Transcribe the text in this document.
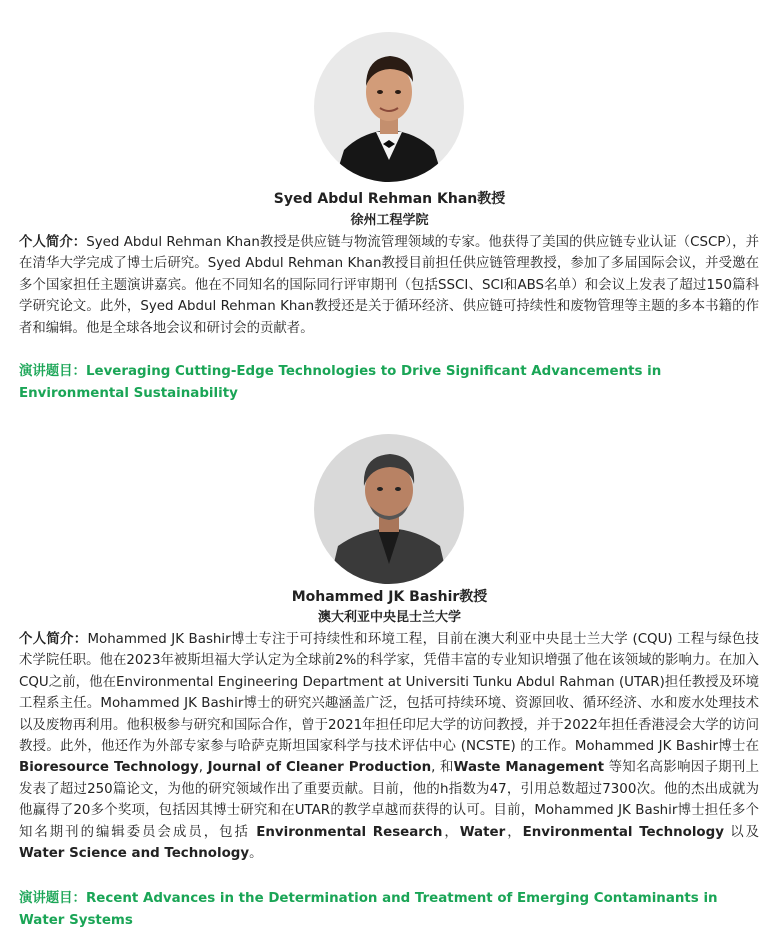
Syed Abdul Rehman Khan教授
徐州工程学院

个人简介：Syed Abdul Rehman Khan教授是供应链与物流管理领域的专家。他获得了美国的供应链专业认证（CSCP），并在清华大学完成了博士后研究。Syed Abdul Rehman Khan教授目前担任供应链管理教授，参加了多届国际会议，并受邀在多个国家担任主题演讲嘉宾。他在不同知名的国际同行评审期刊（包括SSCI、SCI和ABS名单）和会议上发表了超过150篇科学研究论文。此外，Syed Abdul Rehman Khan教授还是关于循环经济、供应链可持续性和废物管理等主题的多本书籍的作者和编辑。他是全球各地会议和研讨会的贡献者。

演讲题目：Leveraging Cutting-Edge Technologies to Drive Significant Advancements in Environmental Sustainability

Mohammed JK Bashir教授
澳大利亚中央昆士兰大学

个人简介：Mohammed JK Bashir博士专注于可持续性和环境工程，目前在澳大利亚中央昆士兰大学 (CQU) 工程与绿色技术学院任职。他在2023年被斯坦福大学认定为全球前2%的科学家，凭借丰富的专业知识增强了他在该领域的影响力。在加入CQU之前，他在Environmental Engineering Department at Universiti Tunku Abdul Rahman (UTAR)担任教授及环境工程系主任。Mohammed JK Bashir博士的研究兴趣涵盖广泛，包括可持续环境、资源回收、循环经济、水和废水处理技术以及废物再利用。他积极参与研究和国际合作，曾于2021年担任印尼大学的访问教授，并于2022年担任香港浸会大学的访问教授。此外，他还作为外部专家参与哈萨克斯坦国家科学与技术评估中心 (NCSTE) 的工作。Mohammed JK Bashir博士在Bioresource Technology, Journal of Cleaner Production, 和Waste Management 等知名高影响因子期刊上发表了超过250篇论文，为他的研究领域作出了重要贡献。目前，他的h指数为47，引用总数超过7300次。他的杰出成就为他赢得了20多个奖项，包括因其博士研究和在UTAR的教学卓越而获得的认可。目前，Mohammed JK Bashir博士担任多个知名期刊的编辑委员会成员，包括 Environmental Research，Water，Environmental Technology 以及 Water Science and Technology。

演讲题目：Recent Advances in the Determination and Treatment of Emerging Contaminants in Water Systems
